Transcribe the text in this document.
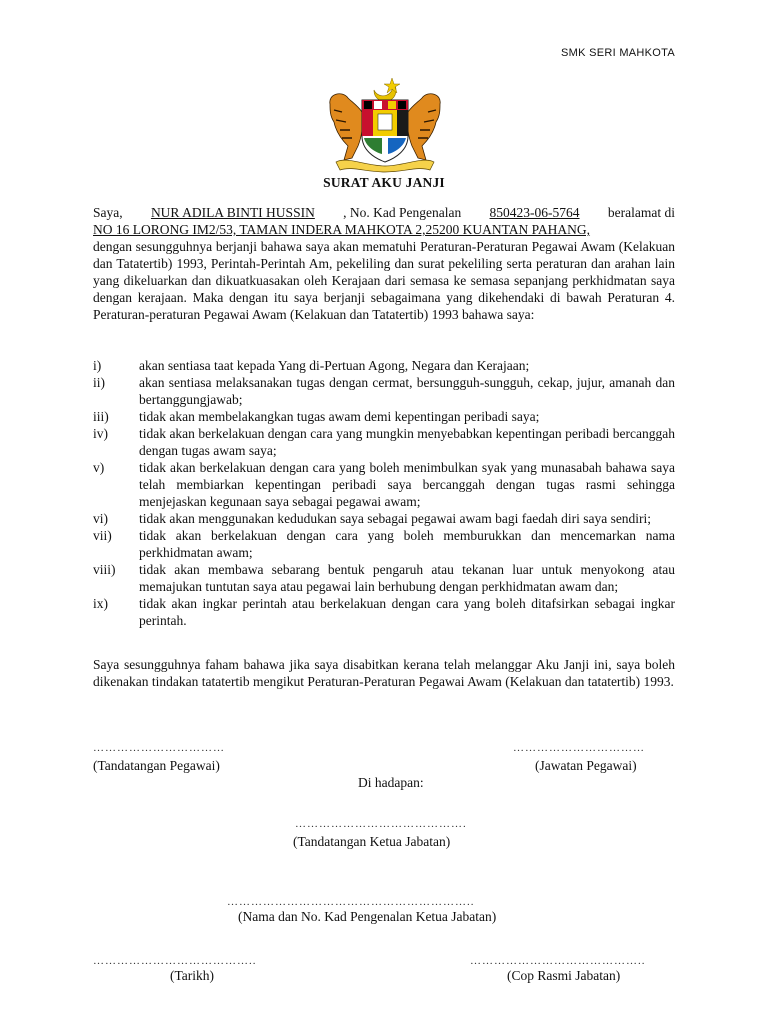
SMK SERI MAHKOTA
SURAT AKU JANJI
Saya, NUR ADILA BINTI HUSSIN , No. Kad Pengenalan 850423-06-5764 beralamat di
NO 16 LORONG IM2/53, TAMAN INDERA MAHKOTA 2,25200 KUANTAN PAHANG,
dengan sesungguhnya berjanji bahawa saya akan mematuhi Peraturan-Peraturan Pegawai Awam (Kelakuan dan Tatatertib) 1993, Perintah-Perintah Am, pekeliling dan surat pekeliling serta peraturan dan arahan lain yang dikeluarkan dan dikuatkuasakan oleh Kerajaan dari semasa ke semasa sepanjang perkhidmatan saya dengan kerajaan. Maka dengan itu saya berjanji sebagaimana yang dikehendaki di bawah Peraturan 4. Peraturan-peraturan Pegawai Awam (Kelakuan dan Tatatertib) 1993 bahawa saya:
i)	akan sentiasa taat kepada Yang di-Pertuan Agong, Negara dan Kerajaan;
ii)	akan sentiasa melaksanakan tugas dengan cermat, bersungguh-sungguh, cekap, jujur, amanah dan bertanggungjawab;
iii)	tidak akan membelakangkan tugas awam demi kepentingan peribadi saya;
iv)	tidak akan berkelakuan dengan cara yang mungkin menyebabkan kepentingan peribadi bercanggah dengan tugas awam saya;
v)	tidak akan berkelakuan dengan cara yang boleh menimbulkan syak yang munasabah bahawa saya telah membiarkan kepentingan peribadi saya bercanggah dengan tugas rasmi sehingga menjejaskan kegunaan saya sebagai pegawai awam;
vi)	tidak akan menggunakan kedudukan saya sebagai pegawai awam bagi faedah diri saya sendiri;
vii)	tidak akan berkelakuan dengan cara yang boleh memburukkan dan mencemarkan nama perkhidmatan awam;
viii)	tidak akan membawa sebarang bentuk pengaruh atau tekanan luar untuk menyokong atau memajukan tuntutan saya atau pegawai lain berhubung dengan perkhidmatan awam dan;
ix)	tidak akan ingkar perintah atau berkelakuan dengan cara yang boleh ditafsirkan sebagai ingkar perintah.
Saya sesungguhnya faham bahawa jika saya disabitkan kerana telah melanggar Aku Janji ini, saya boleh dikenakan tindakan tatatertib mengikut Peraturan-Peraturan Pegawai Awam (Kelakuan dan tatatertib) 1993.
……………………………	……………………………
(Tandatangan Pegawai)	(Jawatan Pegawai)
Di hadapan:
…………………………………….
(Tandatangan Ketua Jabatan)
……………………………………………………..
(Nama dan No. Kad Pengenalan Ketua Jabatan)
…………………………………..	……………………………………..
(Tarikh)	(Cop Rasmi Jabatan)
